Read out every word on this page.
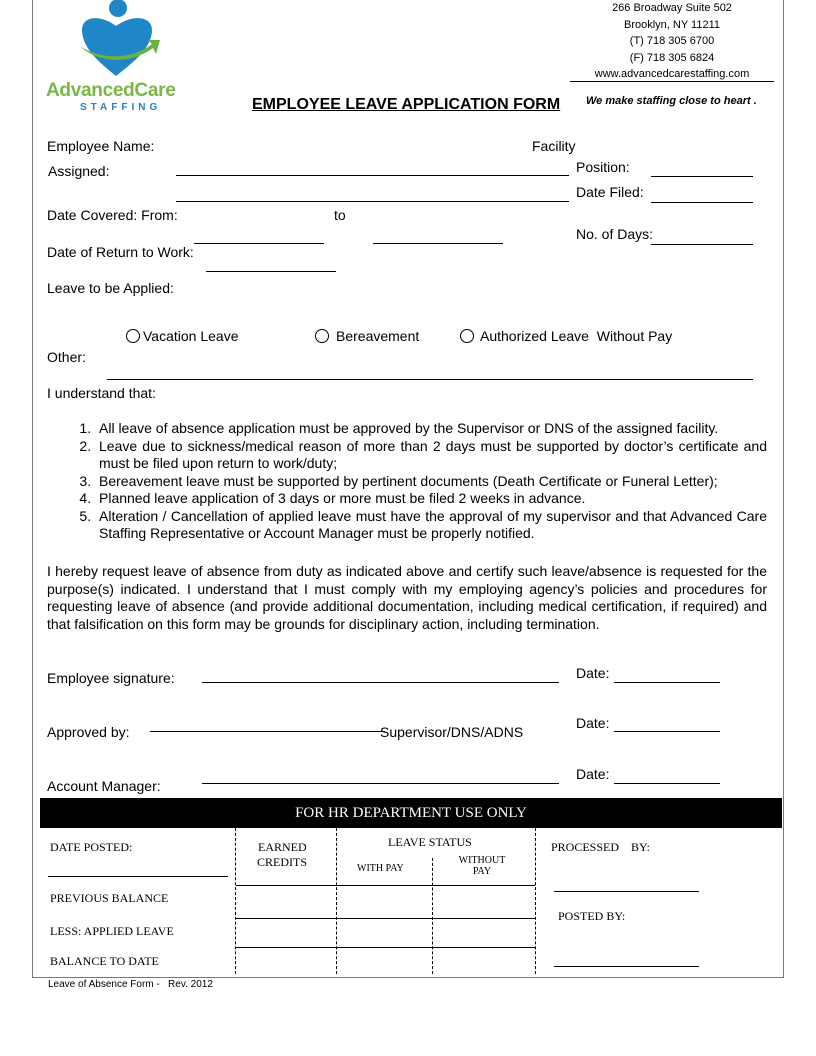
AdvancedCare
STAFFING
266 Broadway Suite 502
Brooklyn, NY 11211
(T) 718 305 6700
(F) 718 305 6824
www.advancedcarestaffing.com
We make staffing close to heart .
EMPLOYEE LEAVE APPLICATION FORM
Employee Name:	Facility
Assigned:	Position:
Date Filed:
Date Covered: From:	to
No. of Days:
Date of Return to Work:
Leave to be Applied:
Vacation Leave	Bereavement	Authorized Leave  Without Pay
Other:
I understand that:
1. All leave of absence application must be approved by the Supervisor or DNS of the assigned facility.
2. Leave due to sickness/medical reason of more than 2 days must be supported by doctor’s certificate and must be filed upon return to work/duty;
3. Bereavement leave must be supported by pertinent documents (Death Certificate or Funeral Letter);
4. Planned leave application of 3 days or more must be filed 2 weeks in advance.
5. Alteration / Cancellation of applied leave must have the approval of my supervisor and that Advanced Care Staffing Representative or Account Manager must be properly notified.
I hereby request leave of absence from duty as indicated above and certify such leave/absence is requested for the purpose(s) indicated. I understand that I must comply with my employing agency’s policies and procedures for requesting leave of absence (and provide additional documentation, including medical certification, if required) and that falsification on this form may be grounds for disciplinary action, including termination.
Employee signature:	Date:
Approved by:	Supervisor/DNS/ADNS
Date:
Account Manager:
Date:
FOR HR DEPARTMENT USE ONLY
DATE POSTED:
PREVIOUS BALANCE
LESS: APPLIED LEAVE
BALANCE TO DATE
EARNED
CREDITS
LEAVE STATUS
WITH PAY
WITHOUT
PAY
PROCESSED    BY:
POSTED BY:
Leave of Absence Form -   Rev. 2012
